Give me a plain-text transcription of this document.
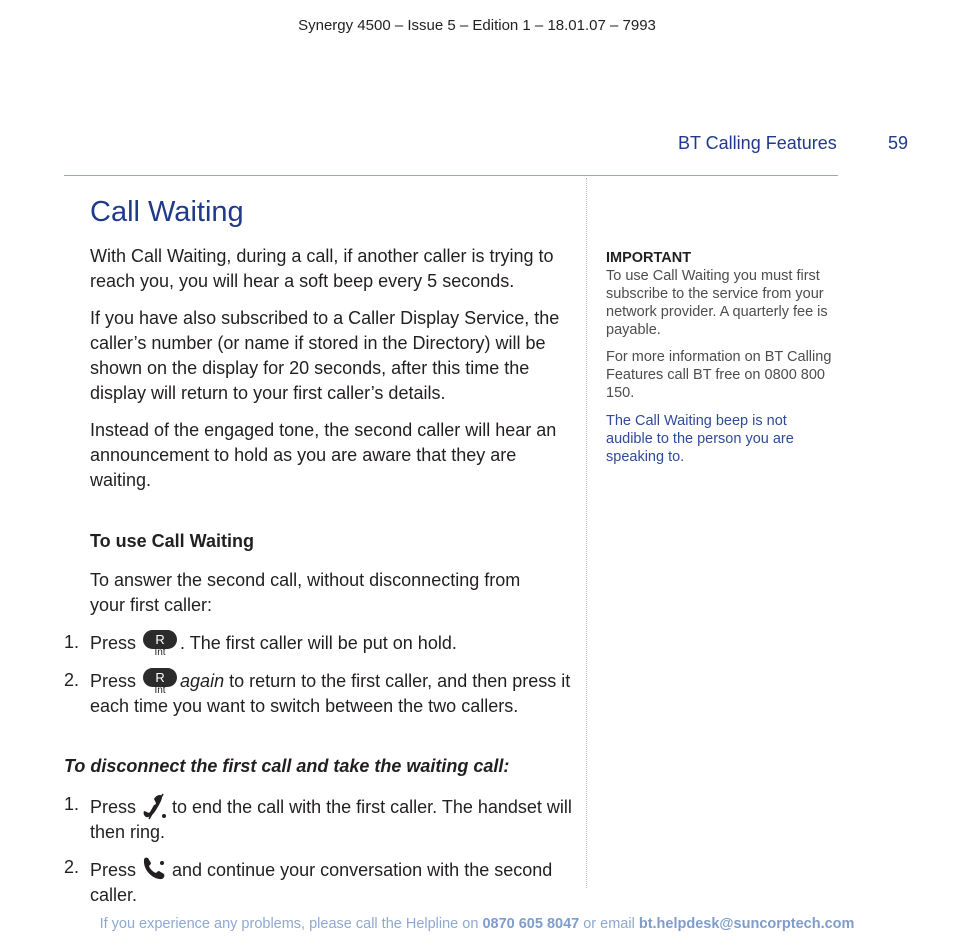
Synergy 4500 – Issue 5 – Edition 1 – 18.01.07 – 7993
BT Calling Features	59
Call Waiting

With Call Waiting, during a call, if another caller is trying to reach you, you will hear a soft beep every 5 seconds.

If you have also subscribed to a Caller Display Service, the caller’s number (or name if stored in the Directory) will be shown on the display for 20 seconds, after this time the display will return to your first caller’s details.

Instead of the engaged tone, the second caller will hear an announcement to hold as you are aware that they are waiting.

To use Call Waiting

To answer the second call, without disconnecting from your first caller:

1. Press	R
Int . The first caller will be put on hold.
2. Press	R
Int again to return to the first caller, and then press it each time you want to switch between the two callers.
To disconnect the first call and take the waiting call:
1. Press to end the call with the first caller. The handset will then ring.
2. Press and continue your conversation with the second caller.

IMPORTANT

To use Call Waiting you must first subscribe to the service from your network provider. A quarterly fee is payable.

For more information on BT Calling Features call BT free on 0800 800 150.

The Call Waiting beep is not audible to the person you are speaking to.

If you experience any problems, please call the Helpline on 0870 605 8047 or email bt.helpdesk@suncorptech.com
